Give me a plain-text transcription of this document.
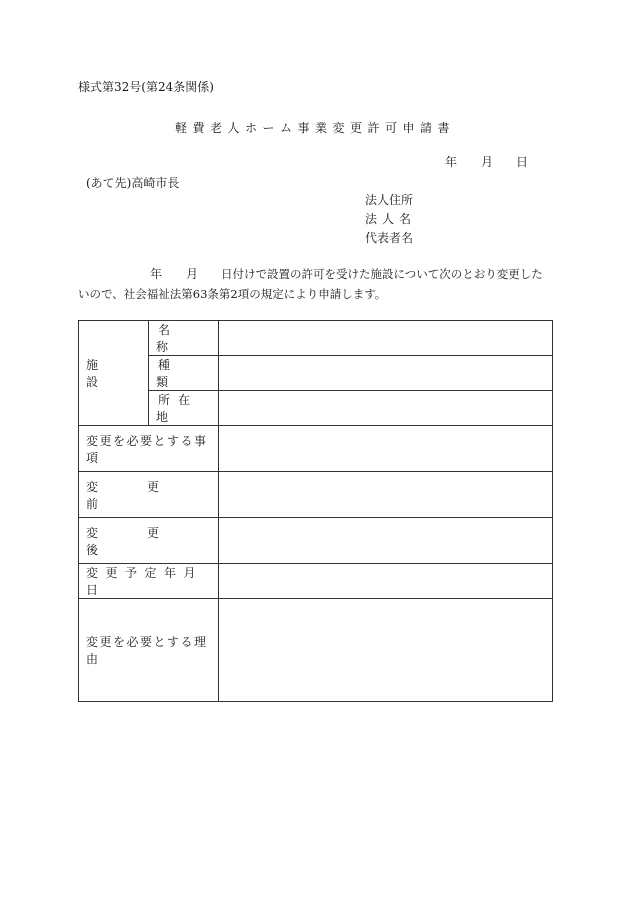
様式第32号(第24条関係)
軽費老人ホーム事業変更許可申請書
年 月 日
(あて先)高崎市長
法人住所
法人名
代表者名
年 月 日付けで設置の許可を受けた施設について次のとおり変更した
いので、社会福祉法第63条第2項の規定により申請します。
施設	名称	
	種類	
	所在地	
変更を必要とする事項		
変更前		
変更後		
変更予定年月日		
変更を必要とする理由		
